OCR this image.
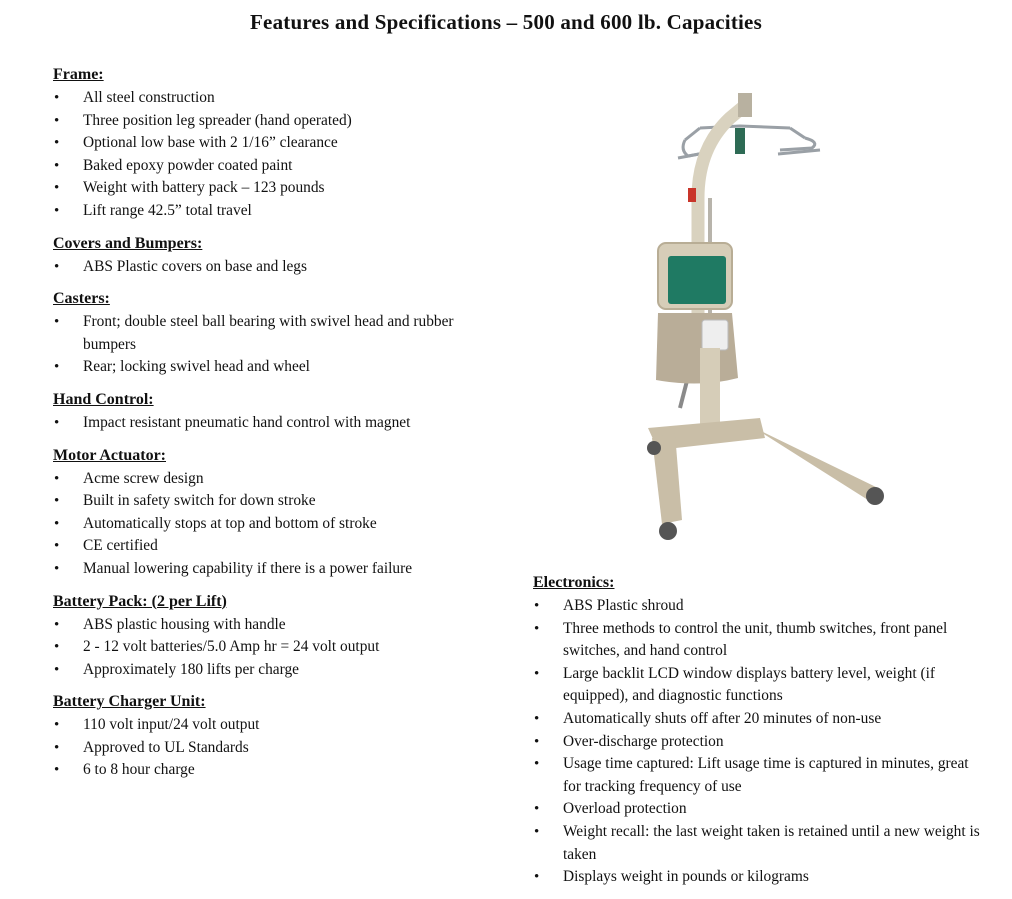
Features and Specifications – 500 and 600 lb. Capacities
Frame:
• All steel construction
• Three position leg spreader (hand operated)
• Optional low base with 2 1/16” clearance
• Baked epoxy powder coated paint
• Weight with battery pack – 123 pounds
• Lift range 42.5” total travel
Covers and Bumpers:
• ABS Plastic covers on base and legs
Casters:
• Front; double steel ball bearing with swivel head and rubber bumpers
• Rear; locking swivel head and wheel
Hand Control:
• Impact resistant pneumatic hand control with magnet
Motor Actuator:
• Acme screw design
• Built in safety switch for down stroke
• Automatically stops at top and bottom of stroke
• CE certified
• Manual lowering capability if there is a power failure
Battery Pack: (2 per Lift)
• ABS plastic housing with handle
• 2 - 12 volt batteries/5.0 Amp hr = 24 volt output
• Approximately 180 lifts per charge
Battery Charger Unit:
• 110 volt input/24 volt output
• Approved to UL Standards
• 6 to 8 hour charge
Electronics:
• ABS Plastic shroud
• Three methods to control the unit, thumb switches, front panel switches, and hand control
• Large backlit LCD window displays battery level, weight (if equipped), and diagnostic functions
• Automatically shuts off after 20 minutes of non-use
• Over-discharge protection
• Usage time captured: Lift usage time is captured in minutes, great for tracking frequency of use
• Overload protection
• Weight recall: the last weight taken is retained until a new weight is taken
• Displays weight in pounds or kilograms
